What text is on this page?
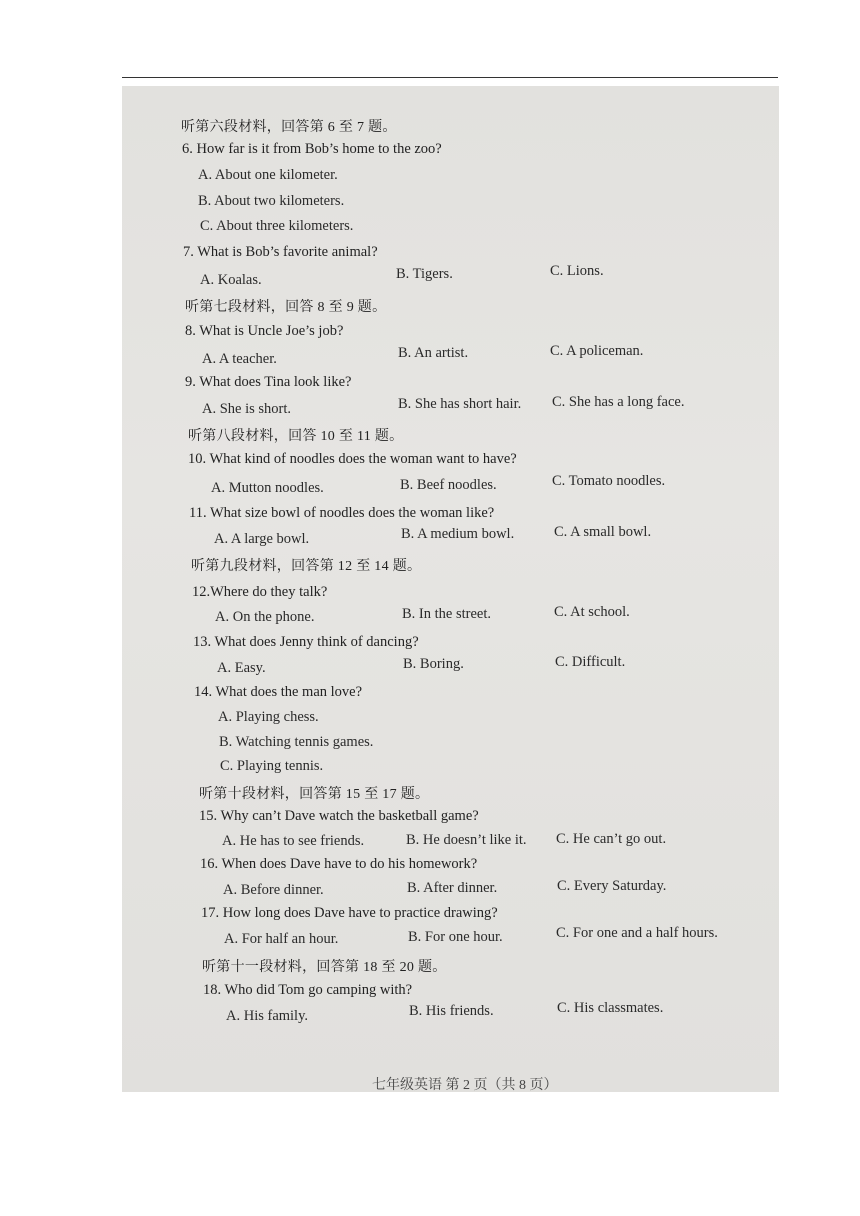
听第六段材料，回答第 6 至 7 题。
6. How far is it from Bob’s home to the zoo?
A. About one kilometer.
B. About two kilometers.
C. About three kilometers.
7. What is Bob’s favorite animal?
A. Koalas.	B. Tigers.	C. Lions.
听第七段材料，回答 8 至 9 题。
8. What is Uncle Joe’s job?
A. A teacher.	B. An artist.	C. A policeman.
9. What does Tina look like?
A. She is short.	B. She has short hair. C. She has a long face.
听第八段材料，回答 10 至 11 题。
10. What kind of noodles does the woman want to have?
A. Mutton noodles.	B. Beef noodles.	C. Tomato noodles.
11. What size bowl of noodles does the woman like?
A. A large bowl.	B. A medium bowl.	C. A small bowl.
听第九段材料，回答第 12 至 14 题。
12.Where do they talk?
A. On the phone.	B. In the street.	C. At school.
13. What does Jenny think of dancing?
A. Easy.	B. Boring.	C. Difficult.
14. What does the man love?
A. Playing chess.
B. Watching tennis games.
C. Playing tennis.
听第十段材料，回答第 15 至 17 题。
15. Why can’t Dave watch the basketball game?
A. He has to see friends.	B. He doesn’t like it. C. He can’t go out.
16. When does Dave have to do his homework?
A. Before dinner.	B. After dinner.	C. Every Saturday.
17. How long does Dave have to practice drawing?
A. For half an hour.	B. For one hour.	C. For one and a half hours.
听第十一段材料，回答第 18 至 20 题。
18. Who did Tom go camping with?
A. His family.	B. His friends.	C. His classmates.
七年级英语 第 2 页（共 8 页）
